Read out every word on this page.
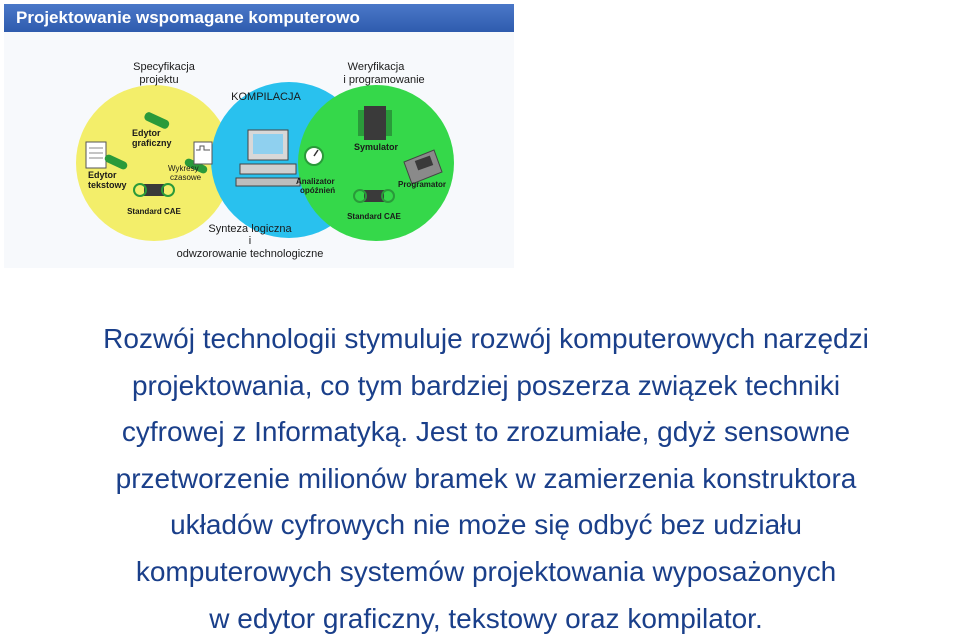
Projektowanie wspomagane komputerowo
Specyfikacja
projektu
Weryfikacja
i programowanie
KOMPILACJA
Synteza logiczna
i
odwzorowanie technologiczne
Edytor
graficzny
Edytor
tekstowy
Wykresy
czasowe
Standard CAE
Analizator
opóźnień
Symulator
Programator
Standard CAE
Rozwój technologii stymuluje rozwój komputerowych narzędzi
projektowania, co tym bardziej poszerza związek techniki
cyfrowej z Informatyką. Jest to zrozumiałe, gdyż sensowne
przetworzenie milionów bramek w zamierzenia konstruktora
układów cyfrowych nie może się odbyć bez udziału
komputerowych systemów projektowania wyposażonych
w edytor graficzny, tekstowy oraz kompilator.
